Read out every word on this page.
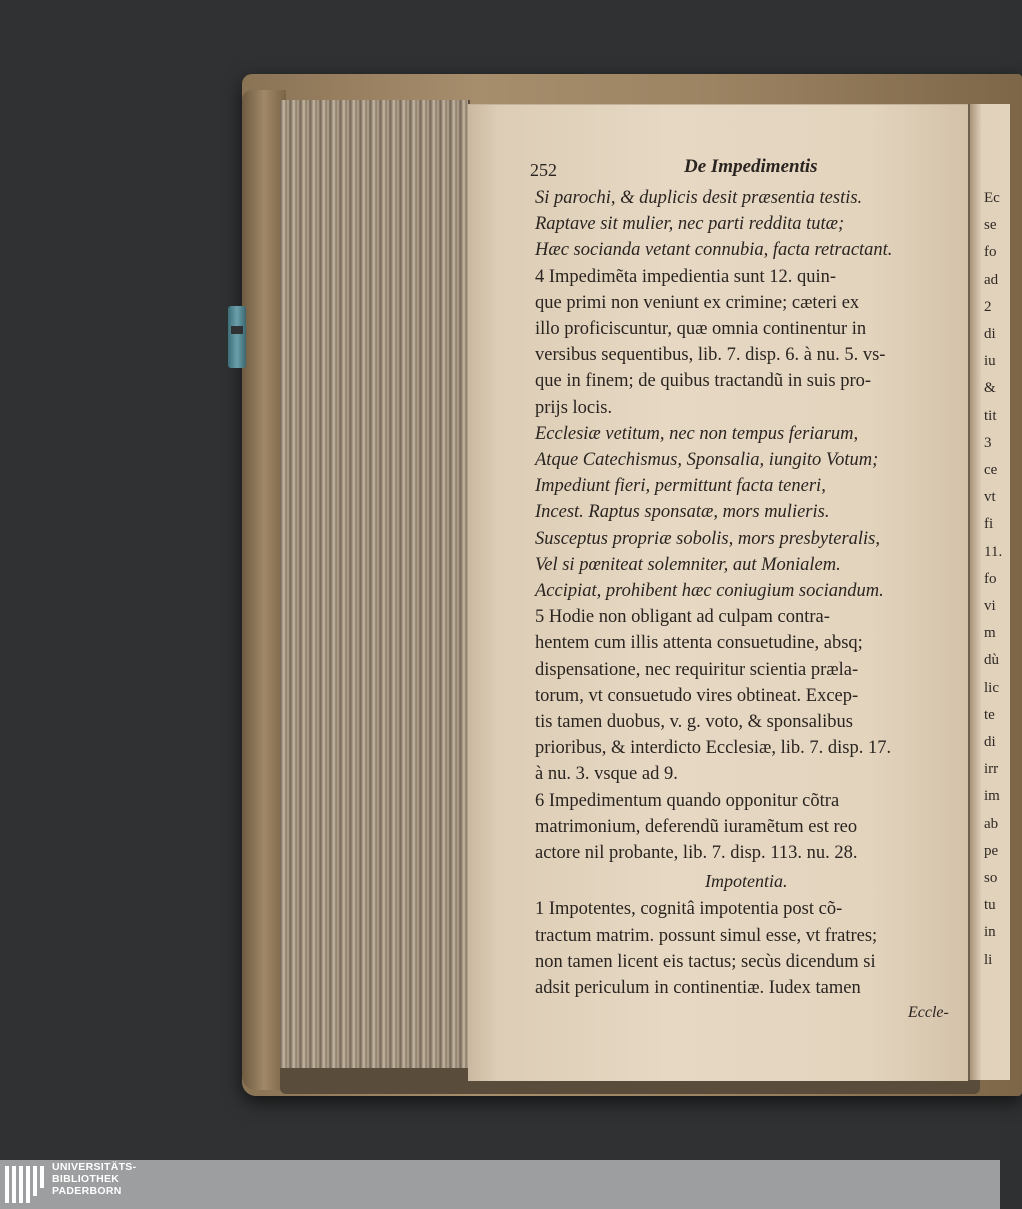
252	De Impedimentis
Si parochi, & duplicis desit præsentia testis.
Raptave sit mulier, nec parti reddita tutæ;
Hæc socianda vetant connubia, facta retractant.
4 Impedimẽta impedientia sunt 12. quin-
que primi non veniunt ex crimine; cæteri ex
illo proficiscuntur, quæ omnia continentur in
versibus sequentibus, lib. 7. disp. 6. à nu. 5. vs-
que in finem; de quibus tractandũ in suis pro-
prijs locis.
Ecclesiæ vetitum, nec non tempus feriarum,
Atque Catechismus, Sponsalia, iungito Votum;
Impediunt fieri, permittunt facta teneri,
Incest. Raptus sponsatæ, mors mulieris.
Susceptus propriæ sobolis, mors presbyteralis,
Vel si pœniteat solemniter, aut Monialem.
Accipiat, prohibent hæc coniugium sociandum.
5 Hodie non obligant ad culpam contra-
hentem cum illis attenta consuetudine, absq;
dispensatione, nec requiritur scientia præla-
torum, vt consuetudo vires obtineat. Excep-
tis tamen duobus, v. g. voto, & sponsalibus
prioribus, & interdicto Ecclesiæ, lib. 7. disp. 17.
à nu. 3. vsque ad 9.
6 Impedimentum quando opponitur cõtra
matrimonium, deferendũ iuramẽtum est reo
actore nil probante, lib. 7. disp. 113. nu. 28.
Impotentia.
1 Impotentes, cognitâ impotentia post cõ-
tractum matrim. possunt simul esse, vt fratres;
non tamen licent eis tactus; secùs dicendum si
adsit periculum in continentiæ. Iudex tamen
Eccle-
Ec
se
fo
ad
2
di
iu
&
tit
3
ce
vt
fi
11.
fo
vi
m
dù
lic
te
di
irr
im
ab
pe
so
tu
in
li
UNIVERSITÄTS-
BIBLIOTHEK
PADERBORN
